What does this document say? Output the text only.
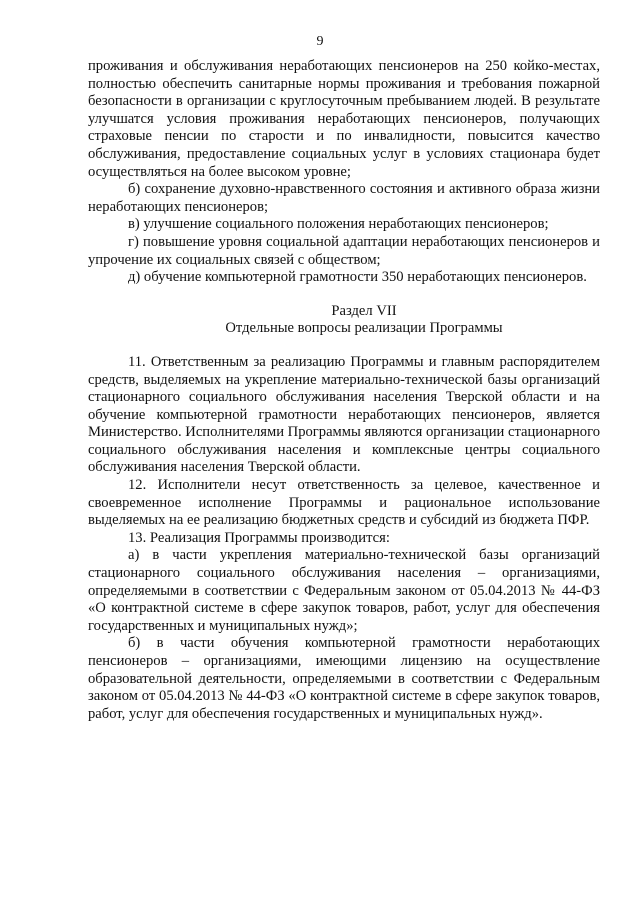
9

проживания и обслуживания неработающих пенсионеров на 250 койко-местах, полностью обеспечить санитарные нормы проживания и требования пожарной безопасности в организации с круглосуточным пребыванием людей. В результате улучшатся условия проживания неработающих пенсионеров, получающих страховые пенсии по старости и по инвалидности, повысится качество обслуживания, предоставление социальных услуг в условиях стационара будет осуществляться на более высоком уровне;

б) сохранение духовно-нравственного состояния и активного образа жизни неработающих пенсионеров;

в) улучшение социального положения неработающих пенсионеров;

г) повышение уровня социальной адаптации неработающих пенсионеров и упрочение их социальных связей с обществом;

д) обучение компьютерной грамотности 350 неработающих пенсионеров.

Раздел VII

Отдельные вопросы реализации Программы

11. Ответственным за реализацию Программы и главным распорядителем средств, выделяемых на укрепление материально-технической базы организаций стационарного социального обслуживания населения Тверской области и на обучение компьютерной грамотности неработающих пенсионеров, является Министерство. Исполнителями Программы являются организации стационарного социального обслуживания населения и комплексные центры социального обслуживания населения Тверской области.

12. Исполнители несут ответственность за целевое, качественное и своевременное исполнение Программы и рациональное использование выделяемых на ее реализацию бюджетных средств и субсидий из бюджета ПФР.

13. Реализация Программы производится:

а) в части укрепления материально-технической базы организаций стационарного социального обслуживания населения – организациями, определяемыми в соответствии с Федеральным законом от 05.04.2013 № 44-ФЗ «О контрактной системе в сфере закупок товаров, работ, услуг для обеспечения государственных и муниципальных нужд»;

б) в части обучения компьютерной грамотности неработающих пенсионеров – организациями, имеющими лицензию на осуществление образовательной деятельности, определяемыми в соответствии с Федеральным законом от 05.04.2013 № 44-ФЗ «О контрактной системе в сфере закупок товаров, работ, услуг для обеспечения государственных и муниципальных нужд».
